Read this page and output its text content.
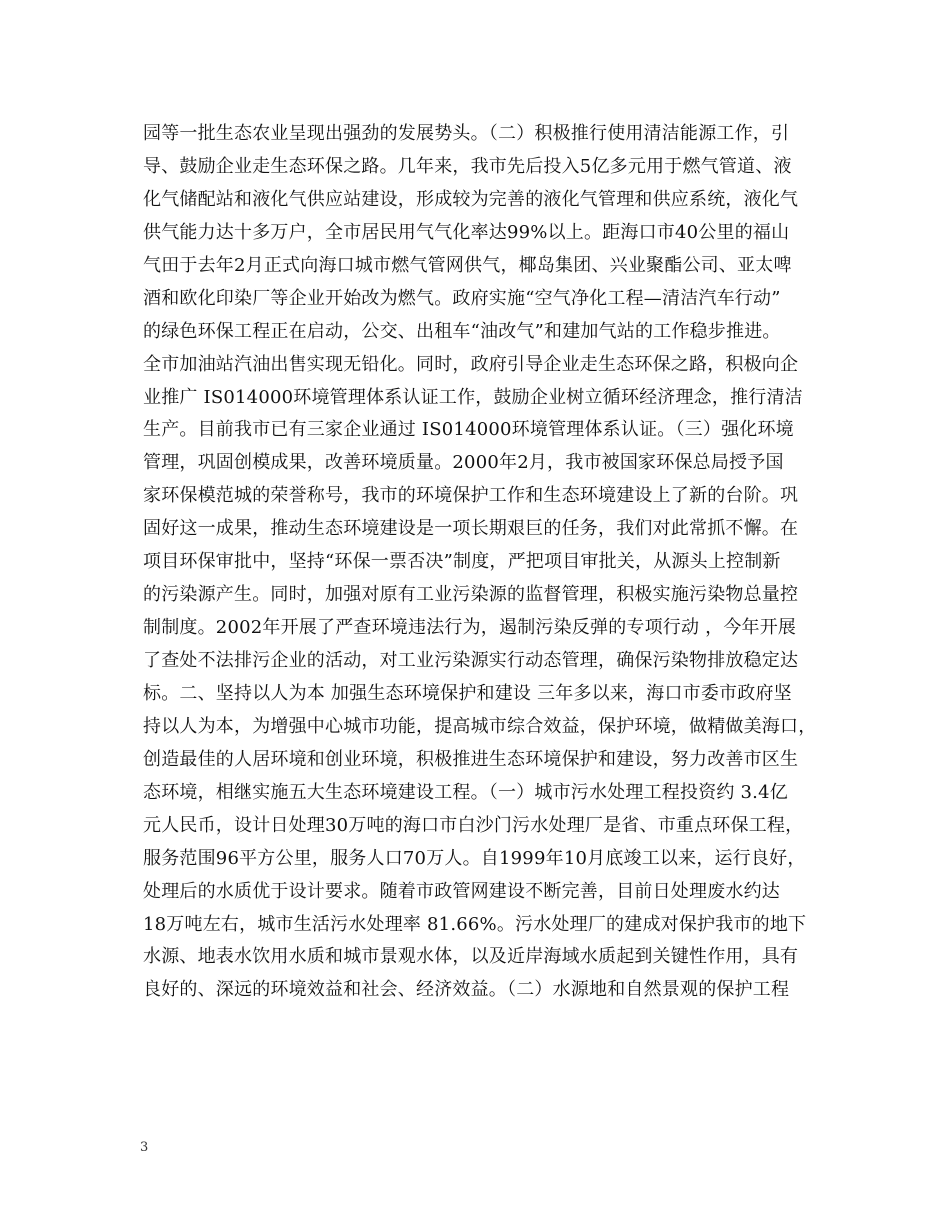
园等一批生态农业呈现出强劲的发展势头。（二）积极推行使用清洁能源工作，引
导、鼓励企业走生态环保之路。几年来，我市先后投入5亿多元用于燃气管道、液
化气储配站和液化气供应站建设，形成较为完善的液化气管理和供应系统，液化气
供气能力达十多万户，全市居民用气气化率达99%以上。距海口市40公里的福山
气田于去年2月正式向海口城市燃气管网供气，椰岛集团、兴业聚酯公司、亚太啤
酒和欧化印染厂等企业开始改为燃气。政府实施“空气净化工程—清洁汽车行动”
的绿色环保工程正在启动，公交、出租车“油改气”和建加气站的工作稳步推进。
全市加油站汽油出售实现无铅化。同时，政府引导企业走生态环保之路，积极向企
业推广 IS014000环境管理体系认证工作，鼓励企业树立循环经济理念，推行清洁
生产。目前我市已有三家企业通过 IS014000环境管理体系认证。（三）强化环境
管理，巩固创模成果，改善环境质量。2000年2月，我市被国家环保总局授予国
家环保模范城的荣誉称号，我市的环境保护工作和生态环境建设上了新的台阶。巩
固好这一成果，推动生态环境建设是一项长期艰巨的任务，我们对此常抓不懈。在
项目环保审批中，坚持“环保一票否决”制度，严把项目审批关，从源头上控制新
的污染源产生。同时，加强对原有工业污染源的监督管理，积极实施污染物总量控
制制度。2002年开展了严查环境违法行为，遏制污染反弹的专项行动 ，今年开展
了查处不法排污企业的活动，对工业污染源实行动态管理，确保污染物排放稳定达
标。二、坚持以人为本 加强生态环境保护和建设 三年多以来，海口市委市政府坚
持以人为本，为增强中心城市功能，提高城市综合效益，保护环境，做精做美海口，
创造最佳的人居环境和创业环境，积极推进生态环境保护和建设，努力改善市区生
态环境，相继实施五大生态环境建设工程。（一）城市污水处理工程投资约 3.4亿
元人民币，设计日处理30万吨的海口市白沙门污水处理厂是省、市重点环保工程，
服务范围96平方公里，服务人口70万人。自1999年10月底竣工以来，运行良好，
处理后的水质优于设计要求。随着市政管网建设不断完善，目前日处理废水约达
18万吨左右，城市生活污水处理率 81.66%。污水处理厂的建成对保护我市的地下
水源、地表水饮用水质和城市景观水体，以及近岸海域水质起到关键性作用，具有
良好的、深远的环境效益和社会、经济效益。（二）水源地和自然景观的保护工程
3
